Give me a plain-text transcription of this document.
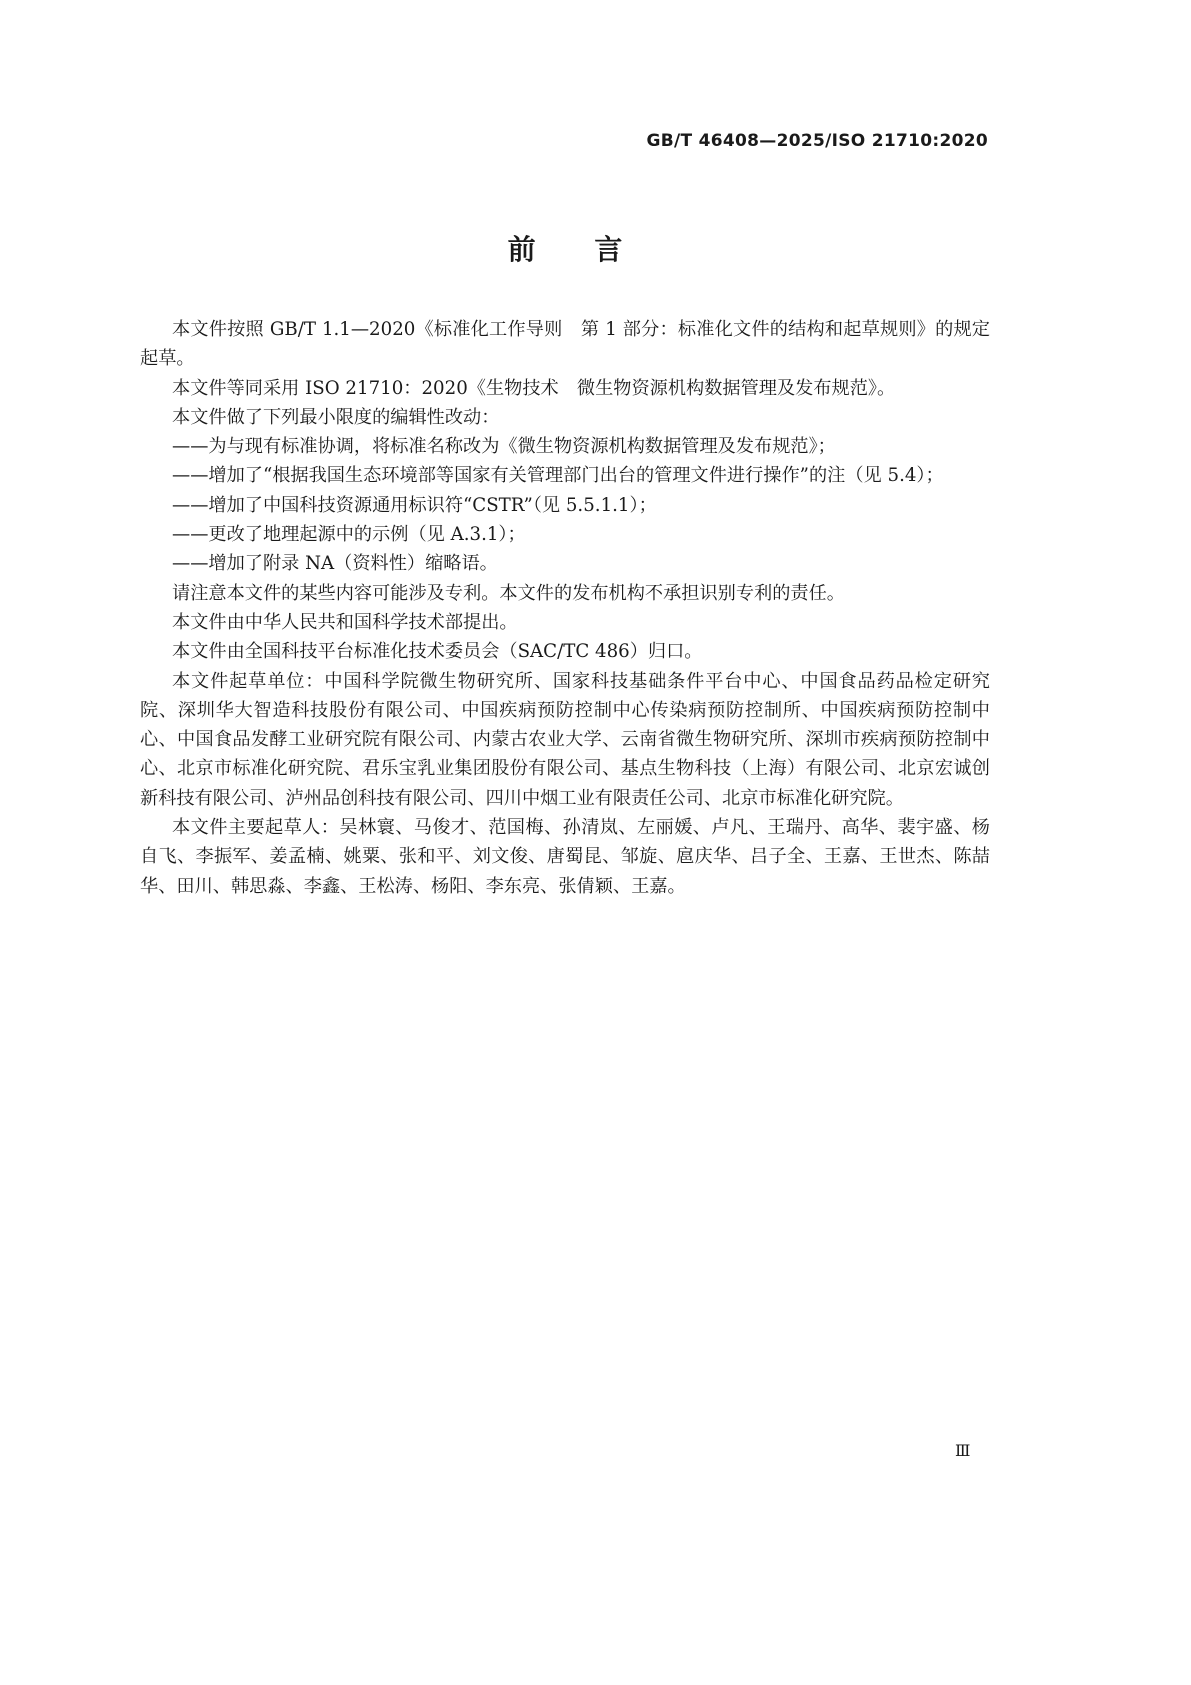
GB/T 46408—2025/ISO 21710:2020
前　言

本文件按照 GB/T 1.1—2020《标准化工作导则　第 1 部分：标准化文件的结构和起草规则》的规定起草。

本文件等同采用 ISO 21710：2020《生物技术　微生物资源机构数据管理及发布规范》。

本文件做了下列最小限度的编辑性改动：

——为与现有标准协调，将标准名称改为《微生物资源机构数据管理及发布规范》；

——增加了“根据我国生态环境部等国家有关管理部门出台的管理文件进行操作”的注（见 5.4）；

——增加了中国科技资源通用标识符“CSTR”（见 5.5.1.1）；

——更改了地理起源中的示例（见 A.3.1）；

——增加了附录 NA（资料性）缩略语。

请注意本文件的某些内容可能涉及专利。本文件的发布机构不承担识别专利的责任。

本文件由中华人民共和国科学技术部提出。

本文件由全国科技平台标准化技术委员会（SAC/TC 486）归口。

本文件起草单位：中国科学院微生物研究所、国家科技基础条件平台中心、中国食品药品检定研究院、深圳华大智造科技股份有限公司、中国疾病预防控制中心传染病预防控制所、中国疾病预防控制中心、中国食品发酵工业研究院有限公司、内蒙古农业大学、云南省微生物研究所、深圳市疾病预防控制中心、北京市标准化研究院、君乐宝乳业集团股份有限公司、基点生物科技（上海）有限公司、北京宏诚创新科技有限公司、泸州品创科技有限公司、四川中烟工业有限责任公司、北京市标准化研究院。

本文件主要起草人：吴林寰、马俊才、范国梅、孙清岚、左丽媛、卢凡、王瑞丹、高华、裴宇盛、杨自飞、李振军、姜孟楠、姚粟、张和平、刘文俊、唐蜀昆、邹旋、扈庆华、吕子全、王嘉、王世杰、陈喆华、田川、韩思淼、李鑫、王松涛、杨阳、李东亮、张倩颖、王嘉。

Ⅲ
